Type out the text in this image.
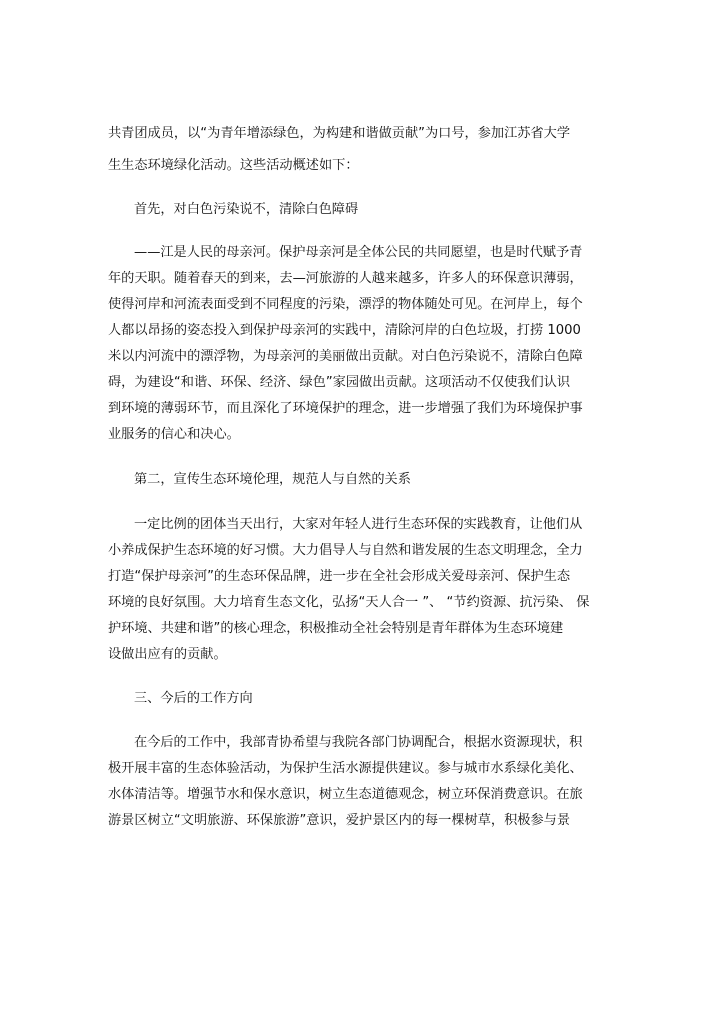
共青团成员，以“为青年增添绿色，为构建和谐做贡献”为口号，参加江苏省大学
生生态环境绿化活动。这些活动概述如下：
首先，对白色污染说不，清除白色障碍
——江是人民的母亲河。保护母亲河是全体公民的共同愿望，也是时代赋予青
年的天职。随着春天的到来，去—河旅游的人越来越多，许多人的环保意识薄弱，
使得河岸和河流表面受到不同程度的污染，漂浮的物体随处可见。在河岸上，每个
人都以昂扬的姿态投入到保护母亲河的实践中，清除河岸的白色垃圾，打捞 1000
米以内河流中的漂浮物，为母亲河的美丽做出贡献。对白色污染说不，清除白色障
碍，为建设“和谐、环保、经济、绿色”家园做出贡献。这项活动不仅使我们认识
到环境的薄弱环节，而且深化了环境保护的理念，进一步增强了我们为环境保护事
业服务的信心和决心。
第二，宣传生态环境伦理，规范人与自然的关系
一定比例的团体当天出行，大家对年轻人进行生态环保的实践教育，让他们从
小养成保护生态环境的好习惯。大力倡导人与自然和谐发展的生态文明理念，全力
打造“保护母亲河”的生态环保品牌，进一步在全社会形成关爱母亲河、保护生态
环境的良好氛围。大力培育生态文化，弘扬“天人合一 ”、 “节约资源、抗污染、 保
护环境、共建和谐”的核心理念，积极推动全社会特别是青年群体为生态环境建
设做出应有的贡献。
三、今后的工作方向
在今后的工作中，我部青协希望与我院各部门协调配合，根据水资源现状，积
极开展丰富的生态体验活动，为保护生活水源提供建议。参与城市水系绿化美化、
水体清洁等。增强节水和保水意识，树立生态道德观念，树立环保消费意识。在旅
游景区树立“文明旅游、环保旅游”意识，爱护景区内的每一棵树草，积极参与景
